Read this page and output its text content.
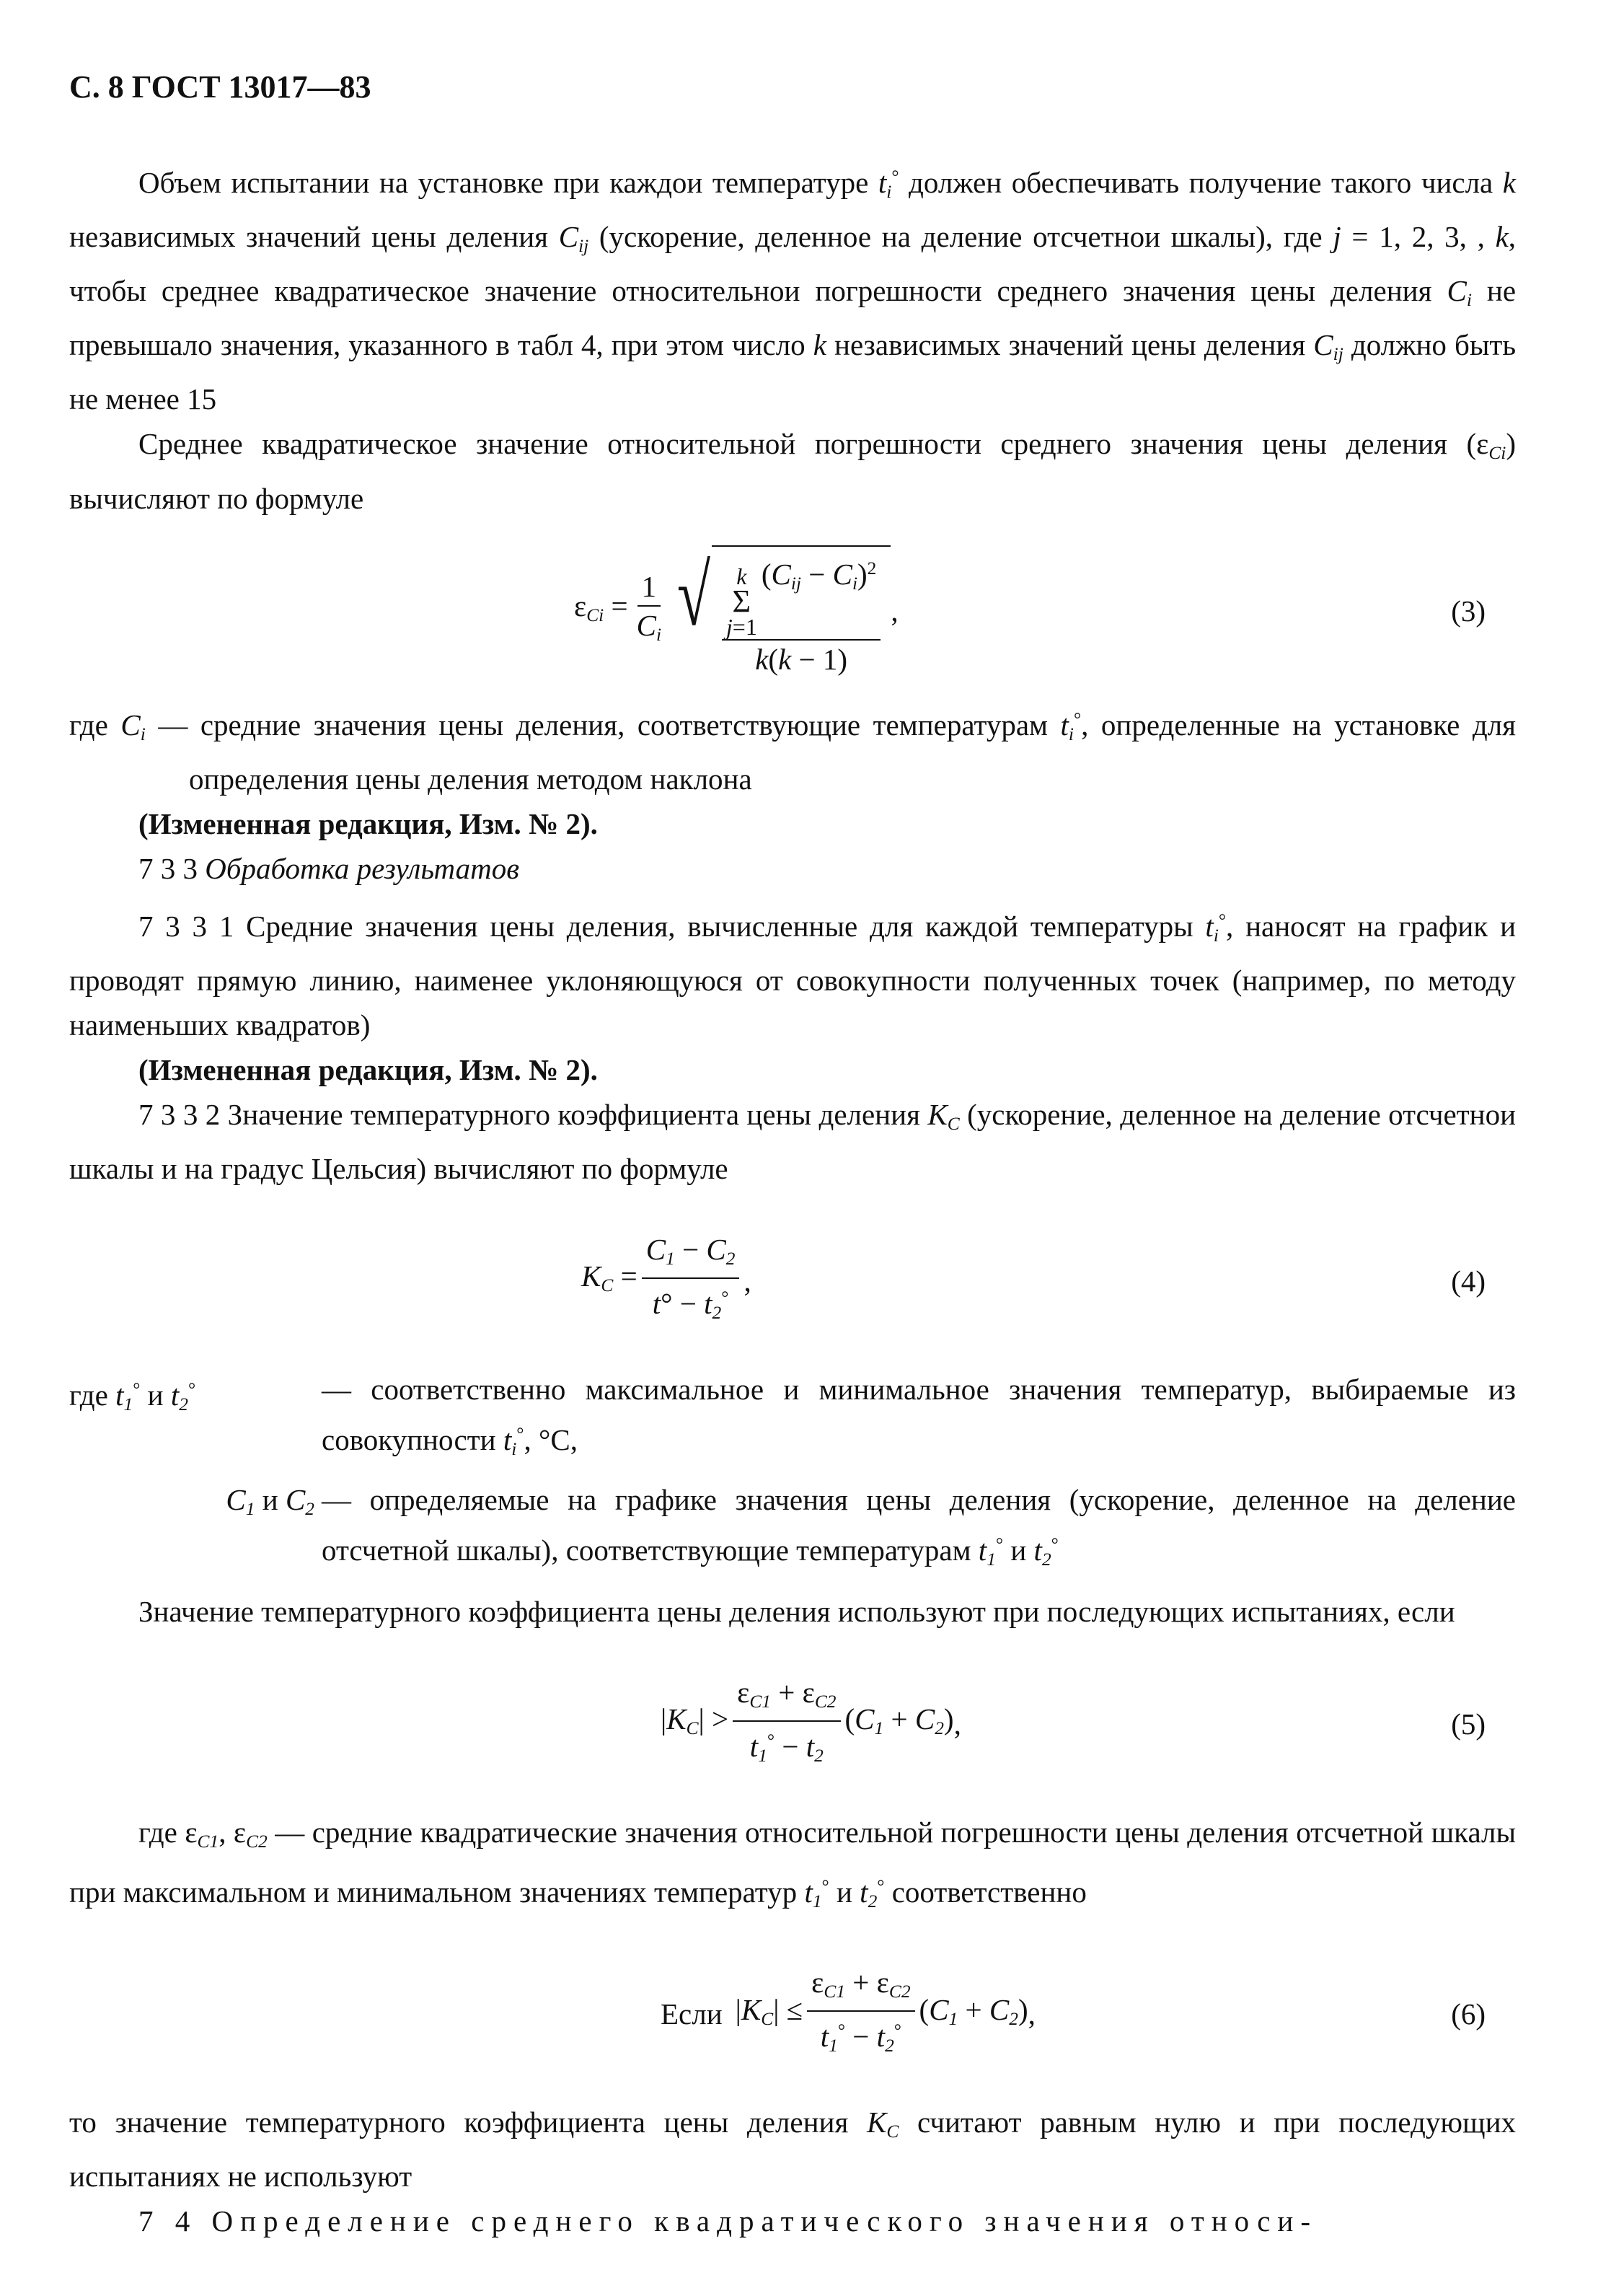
С. 8 ГОСТ 13017—83

Объем испытании на установке при каждои температуре $t_i^\circ$ должен обеспечивать получение такого числа k независимых значений цены деления $C_{ij}$ (ускорение, деленное на деление отсчетнои шкалы), где j = 1, 2, 3, , k, чтобы среднее квадратическое значение относительнои погрешности среднего значения цены деления $C_i$ не превышало значения, указанного в табл 4, при этом число k независимых значений цены деления $C_{ij}$ должно быть не менее 15

Среднее квадратическое значение относительной погрешности среднего значения цены деления $(\varepsilon_{Ci})$ вычисляют по формуле

$\varepsilon_{Ci} = \frac{1}{C_i}$ √ k
Σ
j=1
$(C_{ij} - C_i)^2$
k(k − 1) ,	(3)

где $C_i$ — средние значения цены деления, соответствующие температурам $t_i^\circ$, определенные на установке для определения цены деления методом наклона

(Измененная редакция, Изм. № 2).

7 3 3 Обработка результатов

7 3 3 1 Средние значения цены деления, вычисленные для каждой температуры $t_i^\circ$, наносят на график и проводят прямую линию, наименее уклоняющуюся от совокупности полученных точек (например, по методу наименьших квадратов)

(Измененная редакция, Изм. № 2).

7 3 3 2 Значение температурного коэффициента цены деления $K_C$ (ускорение, деленное на деление отсчетнои шкалы и на градус Цельсия) вычисляют по формуле

$K_C = \frac{C_1 - C_2}{t^\circ - t_2^\circ}$ ,	(4)
где $t_1^\circ$ и $t_2^\circ$	— соответственно максимальное и минимальное значения температур, выбираемые из совокупности $t_i^\circ$, °С,
$C_1$ и $C_2$ — определяемые на графике значения цены деления (ускорение, деленное на деление отсчетной шкалы), соответствующие температурам $t_1^\circ$ и $t_2^\circ$

Значение температурного коэффициента цены деления используют при последующих испытаниях, если

$|K_C| > \frac{\varepsilon_{C1} + \varepsilon_{C2}}{t_1^\circ - t_2} (C_1 + C_2)$ ,	(5)

где $\varepsilon_{C1}$, $\varepsilon_{C2}$ — средние квадратические значения относительной погрешности цены деления отсчетной шкалы при максимальном и минимальном значениях температур $t_1^\circ$ и $t_2^\circ$ соответственно

Если $|K_C| \le \frac{\varepsilon_{C1} + \varepsilon_{C2}}{t_1^\circ - t_2^\circ} (C_1 + C_2)$ ,	(6)

то значение температурного коэффициента цены деления $K_C$ считают равным нулю и при последующих испытаниях не используют

7 4 Определение среднего квадратического значения относи-
